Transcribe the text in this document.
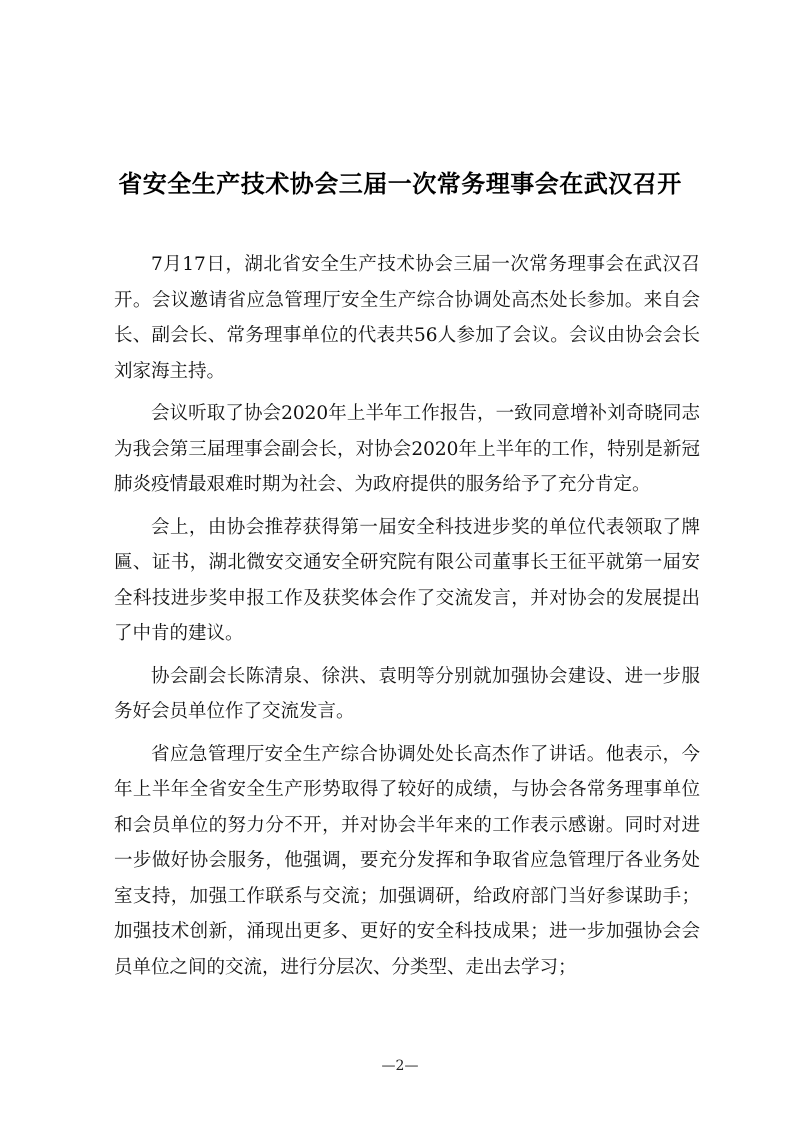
省安全生产技术协会三届一次常务理事会在武汉召开

7月17日，湖北省安全生产技术协会三届一次常务理事会在武汉召开。会议邀请省应急管理厅安全生产综合协调处高杰处长参加。来自会长、副会长、常务理事单位的代表共56人参加了会议。会议由协会会长刘家海主持。

会议听取了协会2020年上半年工作报告，一致同意增补刘奇晓同志为我会第三届理事会副会长，对协会2020年上半年的工作，特别是新冠肺炎疫情最艰难时期为社会、为政府提供的服务给予了充分肯定。

会上，由协会推荐获得第一届安全科技进步奖的单位代表领取了牌匾、证书，湖北微安交通安全研究院有限公司董事长王征平就第一届安全科技进步奖申报工作及获奖体会作了交流发言，并对协会的发展提出了中肯的建议。

协会副会长陈清泉、徐洪、袁明等分别就加强协会建设、进一步服务好会员单位作了交流发言。

省应急管理厅安全生产综合协调处处长高杰作了讲话。他表示，今年上半年全省安全生产形势取得了较好的成绩，与协会各常务理事单位和会员单位的努力分不开，并对协会半年来的工作表示感谢。同时对进一步做好协会服务，他强调，要充分发挥和争取省应急管理厅各业务处室支持，加强工作联系与交流；加强调研，给政府部门当好参谋助手；加强技术创新，涌现出更多、更好的安全科技成果；进一步加强协会会员单位之间的交流，进行分层次、分类型、走出去学习；

—2—
